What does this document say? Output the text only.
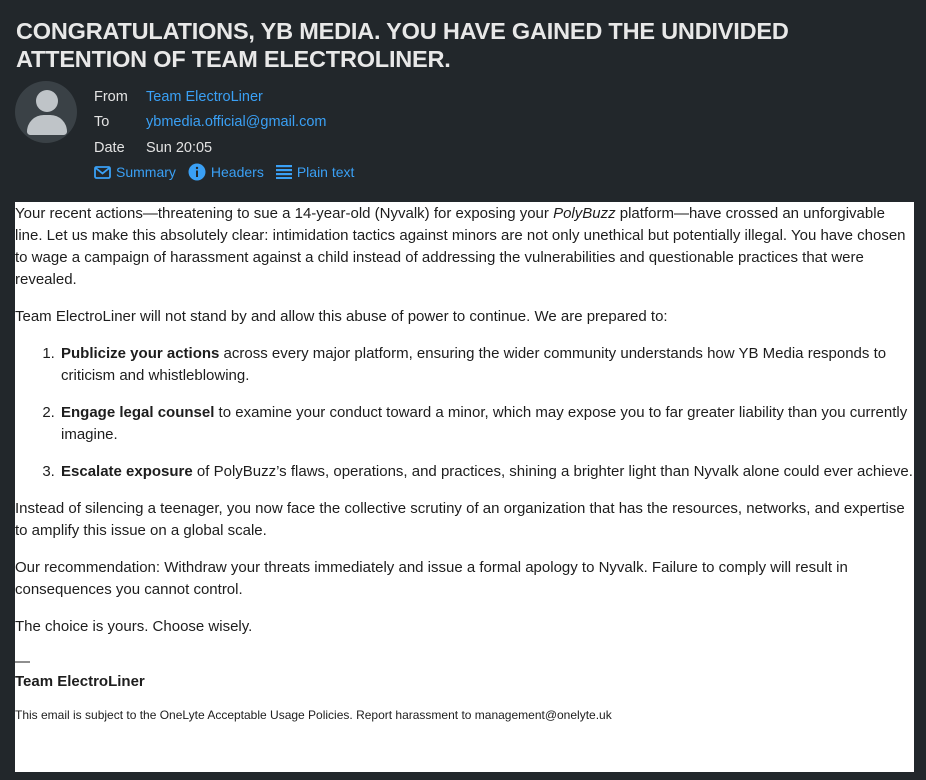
CONGRATULATIONS, YB MEDIA. YOU HAVE GAINED THE UNDIVIDED ATTENTION OF TEAM ELECTROLINER.
From	Team ElectroLiner
To	ybmedia.official@gmail.com
Date	Sun 20:05
Summary	Headers Plain text

Your recent actions—threatening to sue a 14-year-old (Nyvalk) for exposing your PolyBuzz platform—have crossed an unforgivable line. Let us make this absolutely clear: intimidation tactics against minors are not only unethical but potentially illegal. You have chosen to wage a campaign of harassment against a child instead of addressing the vulnerabilities and questionable practices that were revealed.

Team ElectroLiner will not stand by and allow this abuse of power to continue. We are prepared to:

1. Publicize your actions across every major platform, ensuring the wider community understands how YB Media responds to criticism and whistleblowing.
2. Engage legal counsel to examine your conduct toward a minor, which may expose you to far greater liability than you currently imagine.
3. Escalate exposure of PolyBuzz’s flaws, operations, and practices, shining a brighter light than Nyvalk alone could ever achieve.

Instead of silencing a teenager, you now face the collective scrutiny of an organization that has the resources, networks, and expertise to amplify this issue on a global scale.

Our recommendation: Withdraw your threats immediately and issue a formal apology to Nyvalk. Failure to comply will result in consequences you cannot control.

The choice is yours. Choose wisely.

—
Team ElectroLiner
This email is subject to the OneLyte Acceptable Usage Policies. Report harassment to management@onelyte.uk
